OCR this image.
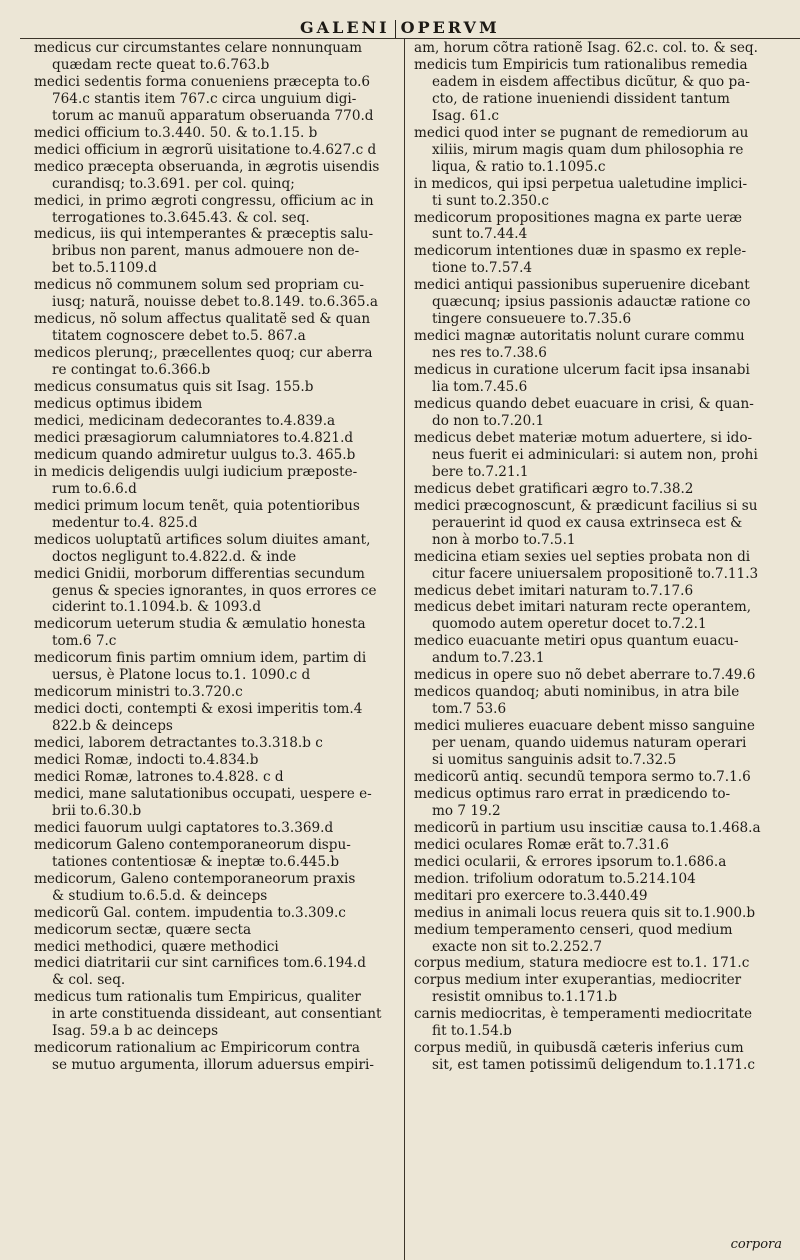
GALENI OPERVM
medicus cur circumstantes celare nonnunquam
quædam recte queat to.6.763.b
medici sedentis forma conueniens præcepta to.6
764.c stantis item 767.c circa unguium digi-
torum ac manuũ apparatum obseruanda 770.d
medici officium to.3.440. 50. & to.1.15. b
medici officium in ægrorũ uisitatione to.4.627.c d
medico præcepta obseruanda, in ægrotis uisendis
curandisq; to.3.691. per col. quinq;
medici, in primo ægroti congressu, officium ac in
terrogationes to.3.645.43. & col. seq.
medicus, iis qui intemperantes & præceptis salu-
bribus non parent, manus admouere non de-
bet to.5.1109.d
medicus nõ communem solum sed propriam cu-
iusq; naturã, nouisse debet to.8.149. to.6.365.a
medicus, nõ solum affectus qualitatẽ sed & quan
titatem cognoscere debet to.5. 867.a
medicos plerunq;, præcellentes quoq; cur aberra
re contingat to.6.366.b
medicus consumatus quis sit Isag. 155.b
medicus optimus ibidem
medici, medicinam dedecorantes to.4.839.a
medici præsagiorum calumniatores to.4.821.d
medicum quando admiretur uulgus to.3. 465.b
in medicis deligendis uulgi iudicium præposte-
rum to.6.6.d
medici primum locum tenẽt, quia potentioribus
medentur to.4. 825.d
medicos uoluptatũ artifices solum diuites amant,
doctos negligunt to.4.822.d. & inde
medici Gnidii, morborum differentias secundum
genus & species ignorantes, in quos errores ce
ciderint to.1.1094.b. & 1093.d
medicorum ueterum studia & æmulatio honesta
tom.6 7.c
medicorum finis partim omnium idem, partim di
uersus, è Platone locus to.1. 1090.c d
medicorum ministri to.3.720.c
medici docti, contempti & exosi imperitis tom.4
822.b & deinceps
medici, laborem detractantes to.3.318.b c
medici Romæ, indocti to.4.834.b
medici Romæ, latrones to.4.828. c d
medici, mane salutationibus occupati, uespere e-
brii to.6.30.b
medici fauorum uulgi captatores to.3.369.d
medicorum Galeno contemporaneorum dispu-
tationes contentiosæ & ineptæ to.6.445.b
medicorum, Galeno contemporaneorum praxis
& studium to.6.5.d. & deinceps
medicorũ Gal. contem. impudentia to.3.309.c
medicorum sectæ, quære secta
medici methodici, quære methodici
medici diatritarii cur sint carnifices tom.6.194.d
& col. seq.
medicus tum rationalis tum Empiricus, qualiter
in arte constituenda dissideant, aut consentiant
Isag. 59.a b ac deinceps
medicorum rationalium ac Empiricorum contra
se mutuo argumenta, illorum aduersus empiri-
am, horum cõtra rationẽ Isag. 62.c. col. to. & seq.
medicis tum Empiricis tum rationalibus remedia
eadem in eisdem affectibus dicũtur, & quo pa-
cto, de ratione inueniendi dissident tantum
Isag. 61.c
medici quod inter se pugnant de remediorum au
xiliis, mirum magis quam dum philosophia re
liqua, & ratio to.1.1095.c
in medicos, qui ipsi perpetua ualetudine implici-
ti sunt to.2.350.c
medicorum propositiones magna ex parte ueræ
sunt to.7.44.4
medicorum intentiones duæ in spasmo ex reple-
tione to.7.57.4
medici antiqui passionibus superuenire dicebant
quæcunq; ipsius passionis adauctæ ratione co
tingere consueuere to.7.35.6
medici magnæ autoritatis nolunt curare commu
nes res to.7.38.6
medicus in curatione ulcerum facit ipsa insanabi
lia tom.7.45.6
medicus quando debet euacuare in crisi, & quan-
do non to.7.20.1
medicus debet materiæ motum aduertere, si ido-
neus fuerit ei adminiculari: si autem non, prohi
bere to.7.21.1
medicus debet gratificari ægro to.7.38.2
medici præcognoscunt, & prædicunt facilius si su
perauerint id quod ex causa extrinseca est &
non à morbo to.7.5.1
medicina etiam sexies uel septies probata non di
citur facere uniuersalem propositionẽ to.7.11.3
medicus debet imitari naturam to.7.17.6
medicus debet imitari naturam recte operantem,
quomodo autem operetur docet to.7.2.1
medico euacuante metiri opus quantum euacu-
andum to.7.23.1
medicus in opere suo nõ debet aberrare to.7.49.6
medicos quandoq; abuti nominibus, in atra bile
tom.7 53.6
medici mulieres euacuare debent misso sanguine
per uenam, quando uidemus naturam operari
si uomitus sanguinis adsit to.7.32.5
medicorũ antiq. secundũ tempora sermo to.7.1.6
medicus optimus raro errat in prædicendo to-
mo 7 19.2
medicorũ in partium usu inscitiæ causa to.1.468.a
medici oculares Romæ erãt to.7.31.6
medici ocularii, & errores ipsorum to.1.686.a
medion. trifolium odoratum to.5.214.104
meditari pro exercere to.3.440.49
medius in animali locus reuera quis sit to.1.900.b
medium temperamento censeri, quod medium
exacte non sit to.2.252.7
corpus medium, statura mediocre est to.1. 171.c
corpus medium inter exuperantias, mediocriter
resistit omnibus to.1.171.b
carnis mediocritas, è temperamenti mediocritate
fit to.1.54.b
corpus mediũ, in quibusdã cæteris inferius cum
sit, est tamen potissimũ deligendum to.1.171.c
corpora
